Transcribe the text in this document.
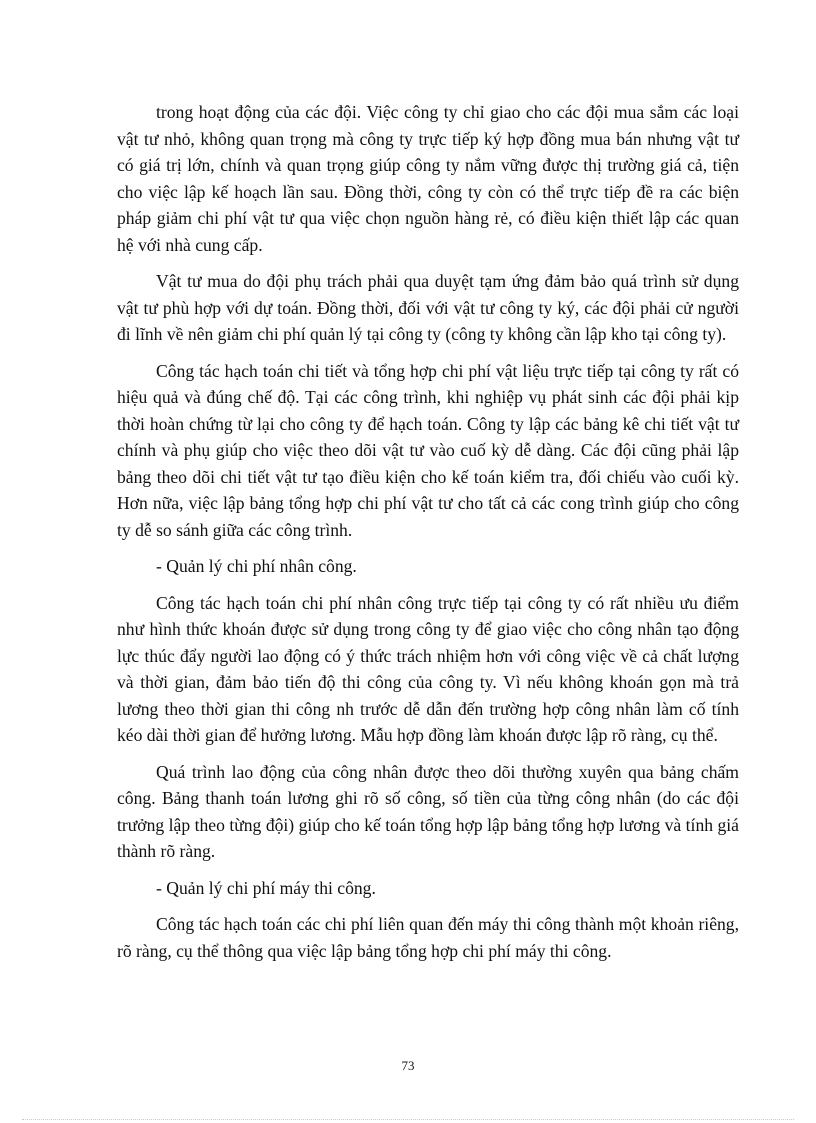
trong hoạt động của các đội. Việc công ty chỉ giao cho các đội mua sắm các loại vật tư nhỏ, không quan trọng mà công ty trực tiếp ký hợp đồng mua bán nhưng vật tư có giá trị lớn, chính và quan trọng giúp công ty nắm vững được thị trường giá cả, tiện cho việc lập kế hoạch lần sau. Đồng thời, công ty còn có thể trực tiếp đề ra các biện pháp giảm chi phí vật tư qua việc chọn nguồn hàng rẻ, có điều kiện thiết lập các quan hệ với nhà cung cấp.

Vật tư mua do đội phụ trách phải qua duyệt tạm ứng đảm bảo quá trình sử dụng vật tư phù hợp với dự toán. Đồng thời, đối với vật tư công ty ký, các đội phải cử người đi lĩnh về nên giảm chi phí quản lý tại công ty (công ty không cần lập kho tại công ty).

Công tác hạch toán chi tiết và tổng hợp chi phí vật liệu trực tiếp tại công ty rất có hiệu quả và đúng chế độ. Tại các công trình, khi nghiệp vụ phát sinh các đội phải kịp thời hoàn chứng từ lại cho công ty để hạch toán. Công ty lập các bảng kê chi tiết vật tư chính và phụ giúp cho việc theo dõi vật tư vào cuố kỳ dễ dàng. Các đội cũng phải lập bảng theo dõi chi tiết vật tư tạo điều kiện cho kế toán kiểm tra, đối chiếu vào cuối kỳ. Hơn nữa, việc lập bảng tổng hợp chi phí vật tư cho tất cả các cong trình giúp cho công ty dễ so sánh giữa các công trình.

- Quản lý chi phí nhân công.

Công tác hạch toán chi phí nhân công trực tiếp tại công ty có rất nhiều ưu điểm như hình thức khoán được sử dụng trong công ty để giao việc cho công nhân tạo động lực thúc đẩy người lao động có ý thức trách nhiệm hơn với công việc về cả chất lượng và thời gian, đảm bảo tiến độ thi công của công ty. Vì nếu không khoán gọn mà trả lương theo thời gian thi công nh trước dễ dẫn đến trường hợp công nhân làm cố tính kéo dài thời gian để hưởng lương. Mẫu hợp đồng làm khoán được lập rõ ràng, cụ thể.

Quá trình lao động của công nhân được theo dõi thường xuyên qua bảng chấm công. Bảng thanh toán lương ghi rõ số công, số tiền của từng công nhân (do các đội trưởng lập theo từng đội) giúp cho kế toán tổng hợp lập bảng tổng hợp lương và tính giá thành rõ ràng.

- Quản lý chi phí máy thi công.

Công tác hạch toán các chi phí liên quan đến máy thi công thành một khoản riêng, rõ ràng, cụ thể thông qua việc lập bảng tổng hợp chi phí máy thi công.

73
